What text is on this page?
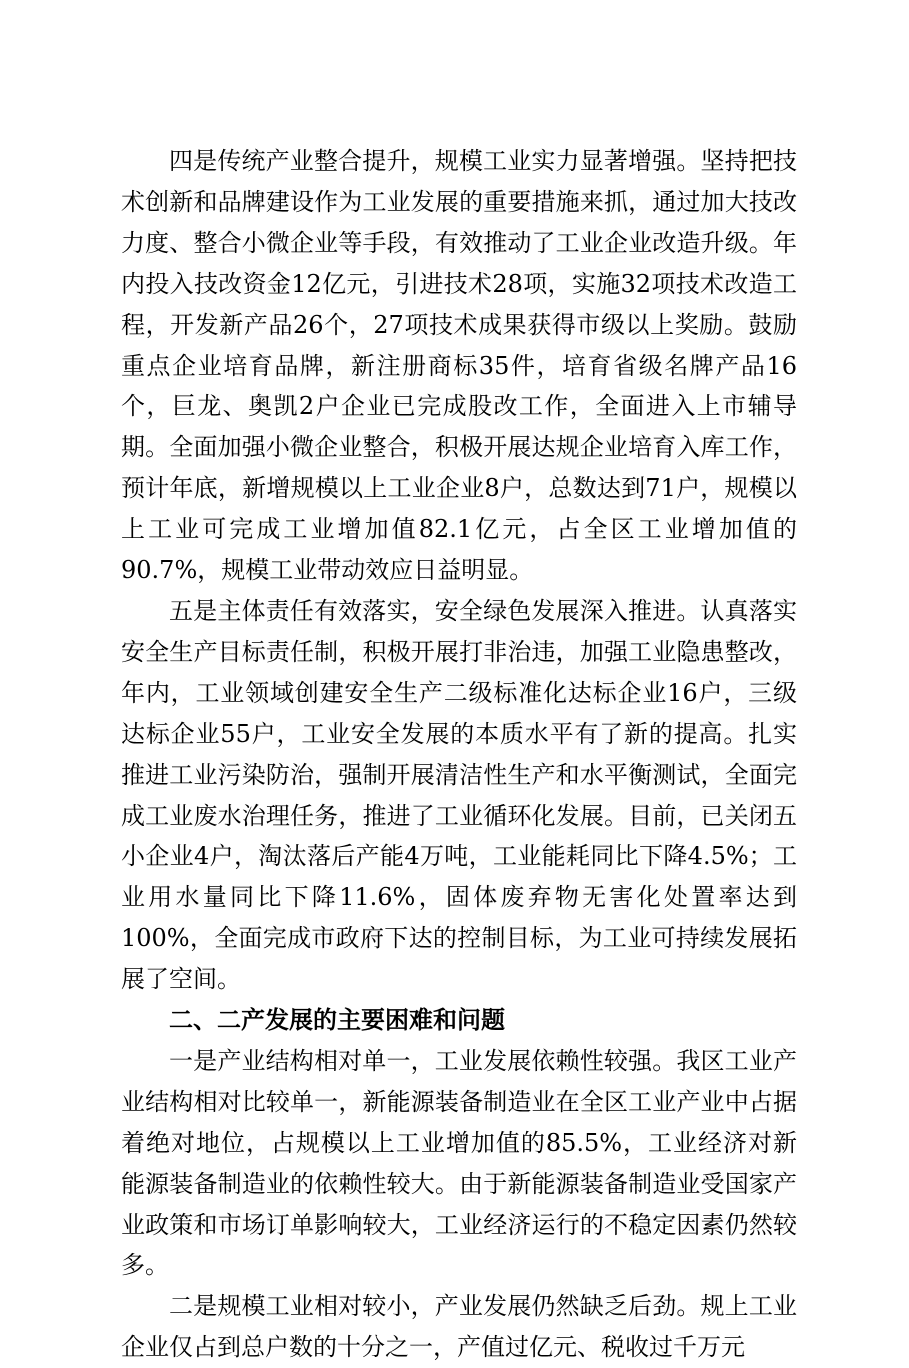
四是传统产业整合提升，规模工业实力显著增强。坚持把技术创新和品牌建设作为工业发展的重要措施来抓，通过加大技改力度、整合小微企业等手段，有效推动了工业企业改造升级。年内投入技改资金12亿元，引进技术28项，实施32项技术改造工程，开发新产品26个，27项技术成果获得市级以上奖励。鼓励重点企业培育品牌，新注册商标35件，培育省级名牌产品16个，巨龙、奥凯2户企业已完成股改工作，全面进入上市辅导期。全面加强小微企业整合，积极开展达规企业培育入库工作，预计年底，新增规模以上工业企业8户，总数达到71户，规模以上工业可完成工业增加值82.1亿元，占全区工业增加值的90.7%，规模工业带动效应日益明显。

五是主体责任有效落实，安全绿色发展深入推进。认真落实安全生产目标责任制，积极开展打非治违，加强工业隐患整改，年内，工业领域创建安全生产二级标准化达标企业16户，三级达标企业55户，工业安全发展的本质水平有了新的提高。扎实推进工业污染防治，强制开展清洁性生产和水平衡测试，全面完成工业废水治理任务，推进了工业循环化发展。目前，已关闭五小企业4户，淘汰落后产能4万吨，工业能耗同比下降4.5%；工业用水量同比下降11.6%，固体废弃物无害化处置率达到100%，全面完成市政府下达的控制目标，为工业可持续发展拓展了空间。

二、二产发展的主要困难和问题

一是产业结构相对单一，工业发展依赖性较强。我区工业产业结构相对比较单一，新能源装备制造业在全区工业产业中占据着绝对地位，占规模以上工业增加值的85.5%，工业经济对新能源装备制造业的依赖性较大。由于新能源装备制造业受国家产业政策和市场订单影响较大，工业经济运行的不稳定因素仍然较多。

二是规模工业相对较小，产业发展仍然缺乏后劲。规上工业企业仅占到总户数的十分之一，产值过亿元、税收过千万元
